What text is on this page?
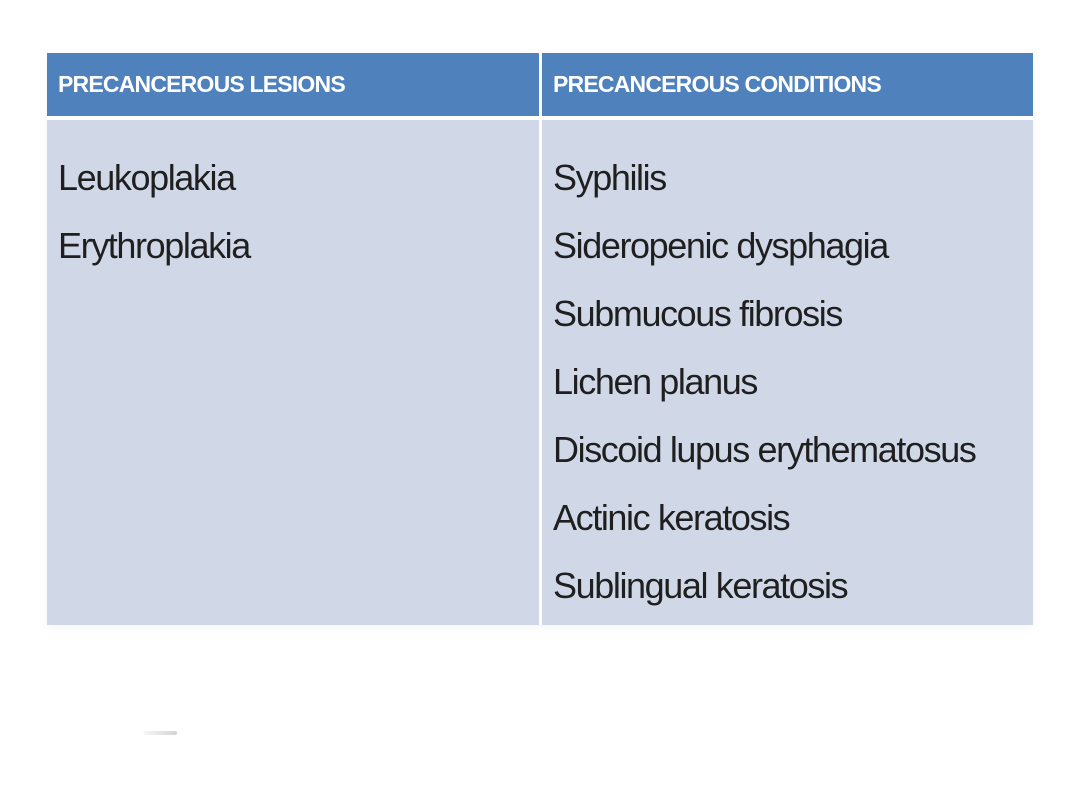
PRECANCEROUS LESIONS	PRECANCEROUS CONDITIONS
Leukoplakia
Erythroplakia
Syphilis
Sideropenic dysphagia
Submucous fibrosis
Lichen planus
Discoid lupus erythematosus
Actinic keratosis
Sublingual keratosis
